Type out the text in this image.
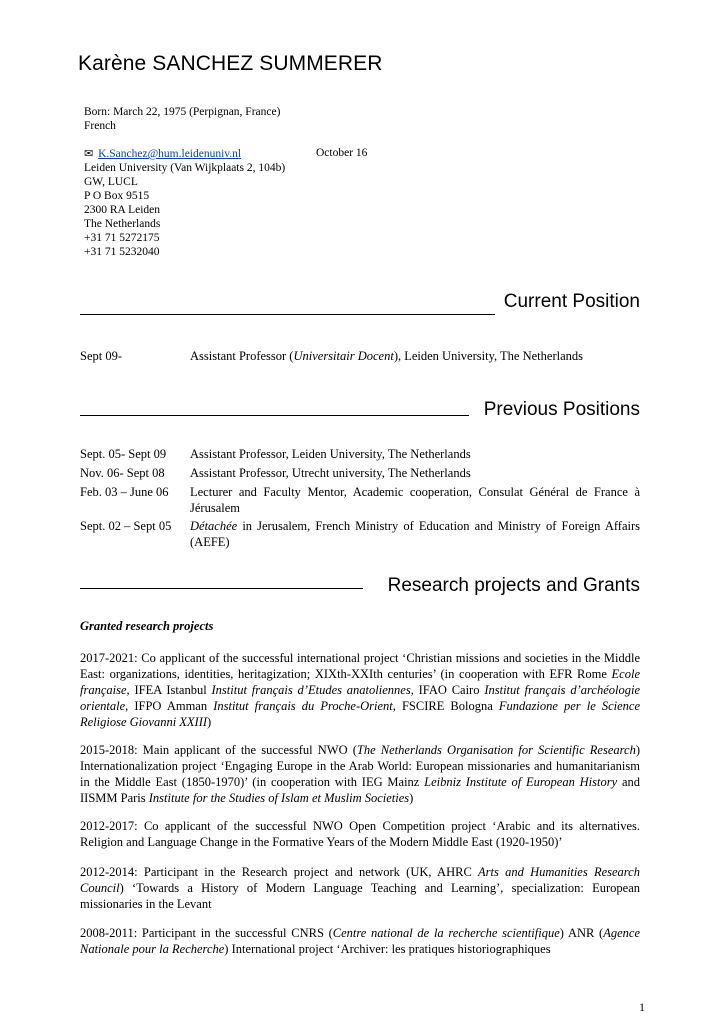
Karène SANCHEZ SUMMERER
Born: March 22, 1975 (Perpignan, France)
French
✉ K.Sanchez@hum.leidenuniv.nl
Leiden University (Van Wijkplaats 2, 104b)
GW, LUCL
P O Box 9515
2300 RA Leiden
The Netherlands
+31 71 5272175
+31 71 5232040
October 16
Current Position
Sept 09-	Assistant Professor (Universitair Docent), Leiden University, The Netherlands
Previous Positions
Sept. 05- Sept 09	Assistant Professor, Leiden University, The Netherlands
Nov. 06- Sept 08	Assistant Professor, Utrecht university, The Netherlands
Feb. 03 – June 06	Lecturer and Faculty Mentor, Academic cooperation, Consulat Général de France à Jérusalem
Sept. 02 – Sept 05	Détachée in Jerusalem, French Ministry of Education and Ministry of Foreign Affairs (AEFE)
Research projects and Grants
Granted research projects
2017-2021: Co applicant of the successful international project ‘Christian missions and societies in the Middle East: organizations, identities, heritagization; XIXth-XXIth centuries’ (in cooperation with EFR Rome Ecole française, IFEA Istanbul Institut français d’Etudes anatoliennes, IFAO Cairo Institut français d’archéologie orientale, IFPO Amman Institut français du Proche-Orient, FSCIRE Bologna Fundazione per le Science Religiose Giovanni XXIII)
2015-2018: Main applicant of the successful NWO (The Netherlands Organisation for Scientific Research) Internationalization project ‘Engaging Europe in the Arab World: European missionaries and humanitarianism in the Middle East (1850-1970)’ (in cooperation with IEG Mainz Leibniz Institute of European History and IISMM Paris Institute for the Studies of Islam et Muslim Societies)
2012-2017: Co applicant of the successful NWO Open Competition project ‘Arabic and its alternatives. Religion and Language Change in the Formative Years of the Modern Middle East (1920-1950)’
2012-2014: Participant in the Research project and network (UK, AHRC Arts and Humanities Research Council) ‘Towards a History of Modern Language Teaching and Learning’, specialization: European missionaries in the Levant
2008-2011: Participant in the successful CNRS (Centre national de la recherche scientifique) ANR (Agence Nationale pour la Recherche) International project ‘Archiver: les pratiques historiographiques
1
